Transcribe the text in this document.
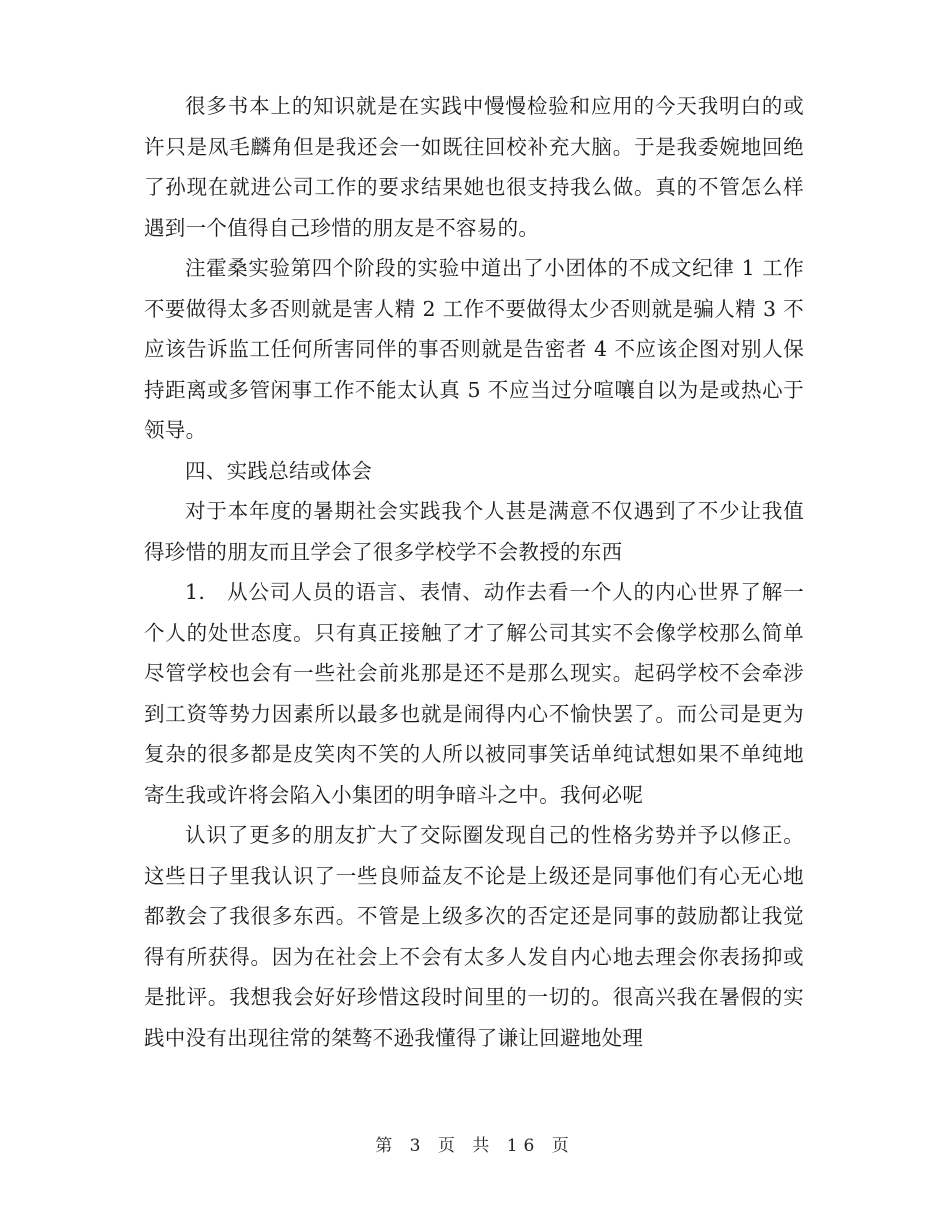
很多书本上的知识就是在实践中慢慢检验和应用的今天我明白的或许只是凤毛麟角但是我还会一如既往回校补充大脑。于是我委婉地回绝了孙现在就进公司工作的要求结果她也很支持我么做。真的不管怎么样遇到一个值得自己珍惜的朋友是不容易的。

注霍桑实验第四个阶段的实验中道出了小团体的不成文纪律 1 工作不要做得太多否则就是害人精 2 工作不要做得太少否则就是骗人精 3 不应该告诉监工任何所害同伴的事否则就是告密者 4 不应该企图对别人保持距离或多管闲事工作不能太认真 5 不应当过分喧嚷自以为是或热心于领导。

四、实践总结或体会

对于本年度的暑期社会实践我个人甚是满意不仅遇到了不少让我值得珍惜的朋友而且学会了很多学校学不会教授的东西

1.　从公司人员的语言、表情、动作去看一个人的内心世界了解一个人的处世态度。只有真正接触了才了解公司其实不会像学校那么简单尽管学校也会有一些社会前兆那是还不是那么现实。起码学校不会牵涉到工资等势力因素所以最多也就是闹得内心不愉快罢了。而公司是更为复杂的很多都是皮笑肉不笑的人所以被同事笑话单纯试想如果不单纯地寄生我或许将会陷入小集团的明争暗斗之中。我何必呢

认识了更多的朋友扩大了交际圈发现自己的性格劣势并予以修正。这些日子里我认识了一些良师益友不论是上级还是同事他们有心无心地都教会了我很多东西。不管是上级多次的否定还是同事的鼓励都让我觉得有所获得。因为在社会上不会有太多人发自内心地去理会你表扬抑或是批评。我想我会好好珍惜这段时间里的一切的。很高兴我在暑假的实践中没有出现往常的桀骜不逊我懂得了谦让回避地处理

第 3 页 共 16 页
